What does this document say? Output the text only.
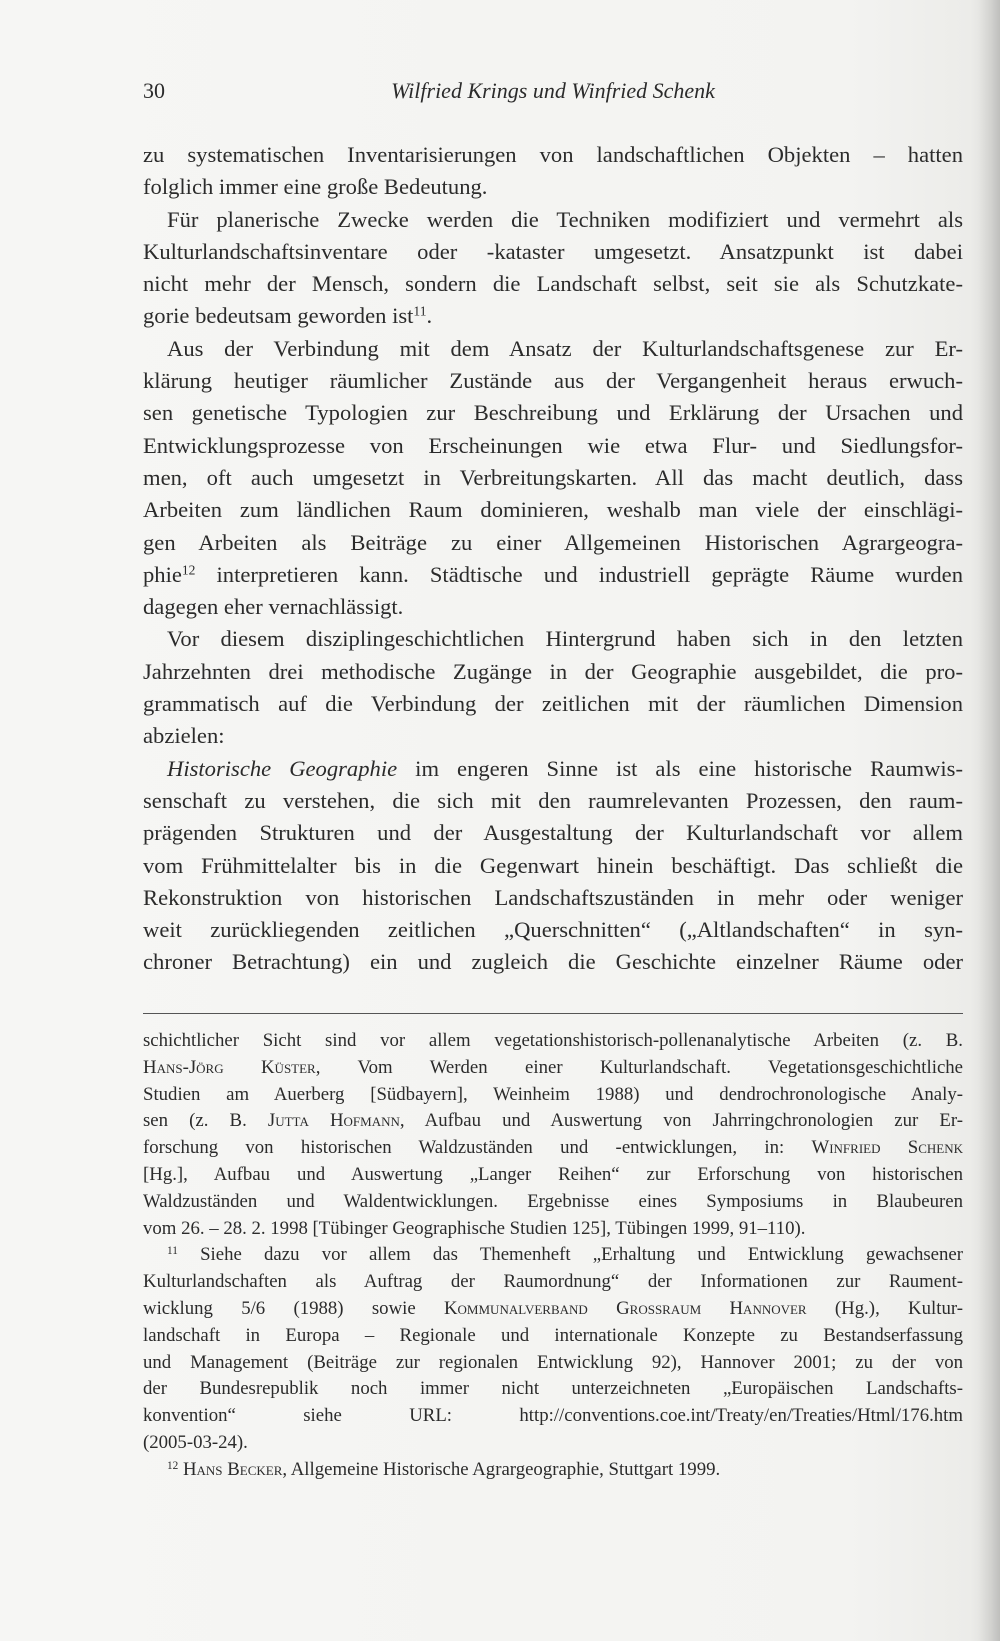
30	Wilfried Krings und Winfried Schenk

zu systematischen Inventarisierungen von landschaftlichen Objekten – hatten

folglich immer eine große Bedeutung.

Für planerische Zwecke werden die Techniken modifiziert und vermehrt als

Kulturlandschaftsinventare oder -kataster umgesetzt. Ansatzpunkt ist dabei

nicht mehr der Mensch, sondern die Landschaft selbst, seit sie als Schutzkate-

gorie bedeutsam geworden ist$^{11}$.

Aus der Verbindung mit dem Ansatz der Kulturlandschaftsgenese zur Er-

klärung heutiger räumlicher Zustände aus der Vergangenheit heraus erwuch-

sen genetische Typologien zur Beschreibung und Erklärung der Ursachen und

Entwicklungsprozesse von Erscheinungen wie etwa Flur- und Siedlungsfor-

men, oft auch umgesetzt in Verbreitungskarten. All das macht deutlich, dass

Arbeiten zum ländlichen Raum dominieren, weshalb man viele der einschlägi-

gen Arbeiten als Beiträge zu einer Allgemeinen Historischen Agrargeogra-

phie$^{12}$ interpretieren kann. Städtische und industriell geprägte Räume wurden

dagegen eher vernachlässigt.

Vor diesem disziplingeschichtlichen Hintergrund haben sich in den letzten

Jahrzehnten drei methodische Zugänge in der Geographie ausgebildet, die pro-

grammatisch auf die Verbindung der zeitlichen mit der räumlichen Dimension

abzielen:

Historische Geographie im engeren Sinne ist als eine historische Raumwis-

senschaft zu verstehen, die sich mit den raumrelevanten Prozessen, den raum-

prägenden Strukturen und der Ausgestaltung der Kulturlandschaft vor allem

vom Frühmittelalter bis in die Gegenwart hinein beschäftigt. Das schließt die

Rekonstruktion von historischen Landschaftszuständen in mehr oder weniger

weit zurückliegenden zeitlichen „Querschnitten“ („Altlandschaften“ in syn-

chroner Betrachtung) ein und zugleich die Geschichte einzelner Räume oder

schichtlicher Sicht sind vor allem vegetationshistorisch-pollenanalytische Arbeiten (z. B.

Hans-Jörg Küster, Vom Werden einer Kulturlandschaft. Vegetationsgeschichtliche

Studien am Auerberg [Südbayern], Weinheim 1988) und dendrochronologische Analy-

sen (z. B. Jutta Hofmann, Aufbau und Auswertung von Jahrringchronologien zur Er-

forschung von historischen Waldzuständen und -entwicklungen, in: Winfried Schenk

[Hg.], Aufbau und Auswertung „Langer Reihen“ zur Erforschung von historischen

Waldzuständen und Waldentwicklungen. Ergebnisse eines Symposiums in Blaubeuren

vom 26. – 28. 2. 1998 [Tübinger Geographische Studien 125], Tübingen 1999, 91–110).

$^{11}$ Siehe dazu vor allem das Themenheft „Erhaltung und Entwicklung gewachsener

Kulturlandschaften als Auftrag der Raumordnung“ der Informationen zur Raument-

wicklung 5/6 (1988) sowie Kommunalverband Grossraum Hannover (Hg.), Kultur-

landschaft in Europa – Regionale und internationale Konzepte zu Bestandserfassung

und Management (Beiträge zur regionalen Entwicklung 92), Hannover 2001; zu der von

der Bundesrepublik noch immer nicht unterzeichneten „Europäischen Landschafts-

konvention“ siehe URL: http://conventions.coe.int/Treaty/en/Treaties/Html/176.htm

(2005-03-24).

$^{12}$ Hans Becker, Allgemeine Historische Agrargeographie, Stuttgart 1999.
